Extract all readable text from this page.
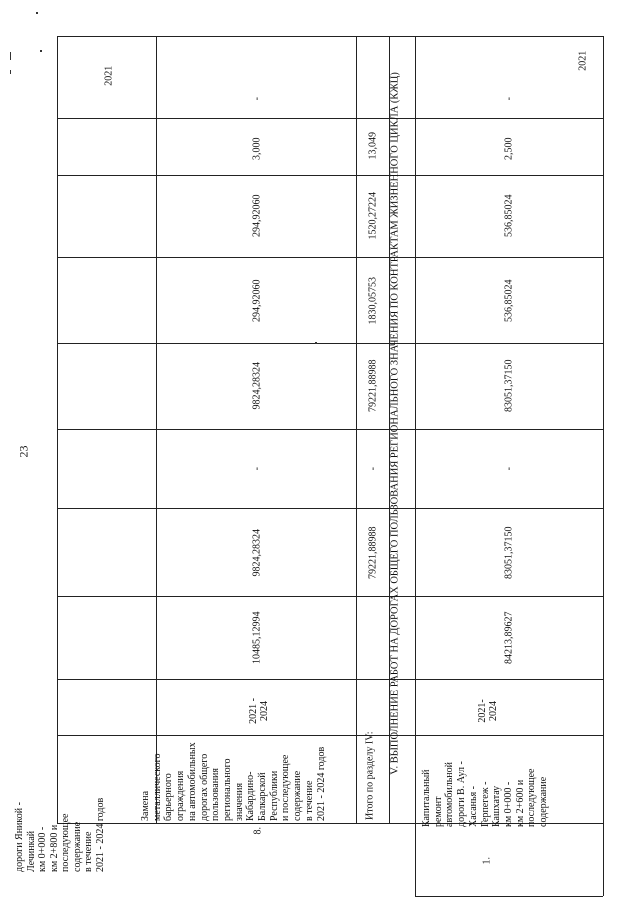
23
дороги Яникой - Лечинкай км 0+000 - км 2+800 и последующее содержание в течение 2021 - 2024 годов
2021
8.
Замена металлического барьерного ограждения на автомобильных дорогах общего пользования регионального значения Кабардино- Балкарской Республики и последующее содержание в течение 2021 - 2024 годов
2021 - 2024
10485,12994
9824,28324
-
9824,28324
294,92060
294,92060
3,000
-
Итого по разделу IV:
79221,88988
-
79221,88988
1830,05753
1520,27224
13,049 V. ВЫПОЛНЕНИЕ РАБОТ НА ДОРОГАХ ОБЩЕГО ПОЛЬЗОВАНИЯ РЕГИОНАЛЬНОГО ЗНАЧЕНИЯ ПО КОНТРАКТАМ ЖИЗНЕННОГО ЦИКЛА (КЖЦ)
1.
Капитальный ремонт автомобильной дороги В. Аул - Хасанья - Герпегеж - Кашхатау км 0+000 - км 2+600 и последующее содержание
2021- 2024
84213,89627
83051,37150
-
83051,37150
536,85024
536,85024
2,500
-
2021
